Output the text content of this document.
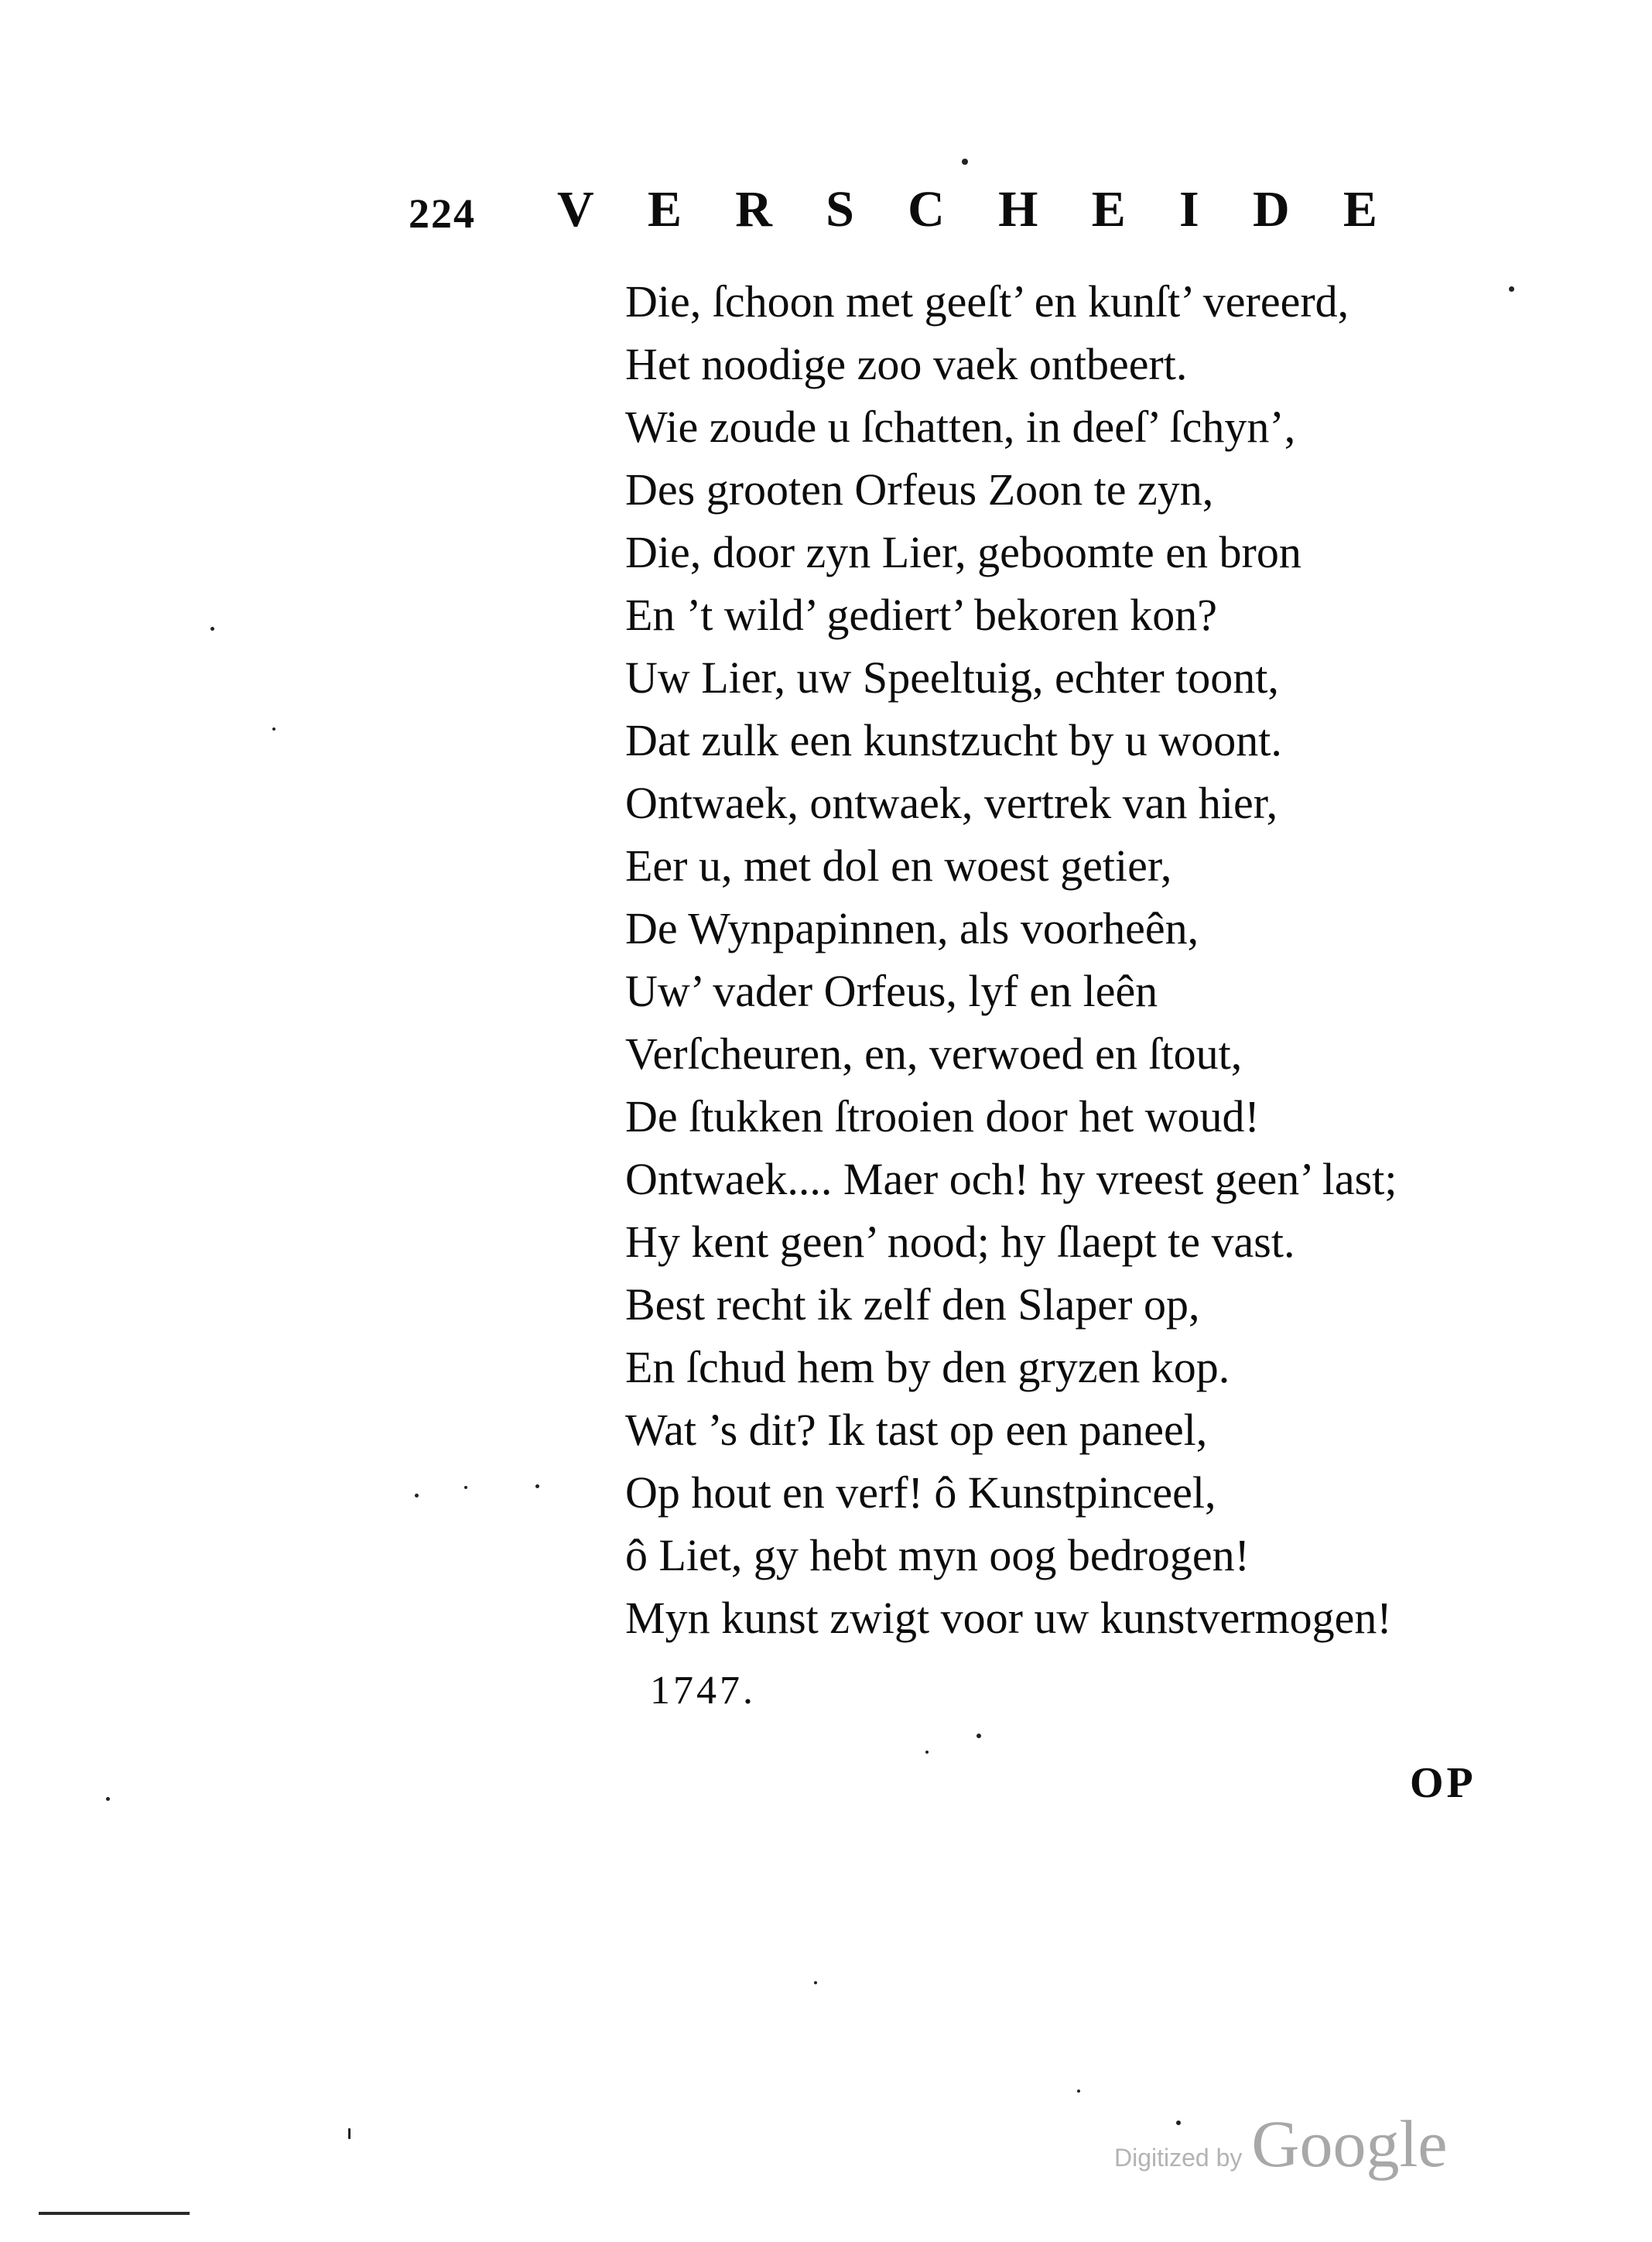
224 V E R S C H E I D E
Die, ſchoon met geeſt’ en kunſt’ vereerd,
Het noodige zoo vaek ontbeert.
Wie zoude u ſchatten, in deeſ’ ſchyn’,
Des grooten Orfeus Zoon te zyn,
Die, door zyn Lier, geboomte en bron
En ’t wild’ gediert’ bekoren kon?
Uw Lier, uw Speeltuig, echter toont,
Dat zulk een kunstzucht by u woont.
Ontwaek, ontwaek, vertrek van hier,
Eer u, met dol en woest getier,
De Wynpapinnen, als voorheên,
Uw’ vader Orfeus, lyf en leên
Verſcheuren, en, verwoed en ſtout,
De ſtukken ſtrooien door het woud!
Ontwaek.... Maer och! hy vreest geen’ last;
Hy kent geen’ nood; hy ſlaept te vast.
Best recht ik zelf den Slaper op,
En ſchud hem by den gryzen kop.
Wat ’s dit? Ik tast op een paneel,
Op hout en verf! ô Kunstpinceel,
ô Liet, gy hebt myn oog bedrogen!
Myn kunst zwigt voor uw kunstvermogen!
1747.
OP
Digitized by Google
